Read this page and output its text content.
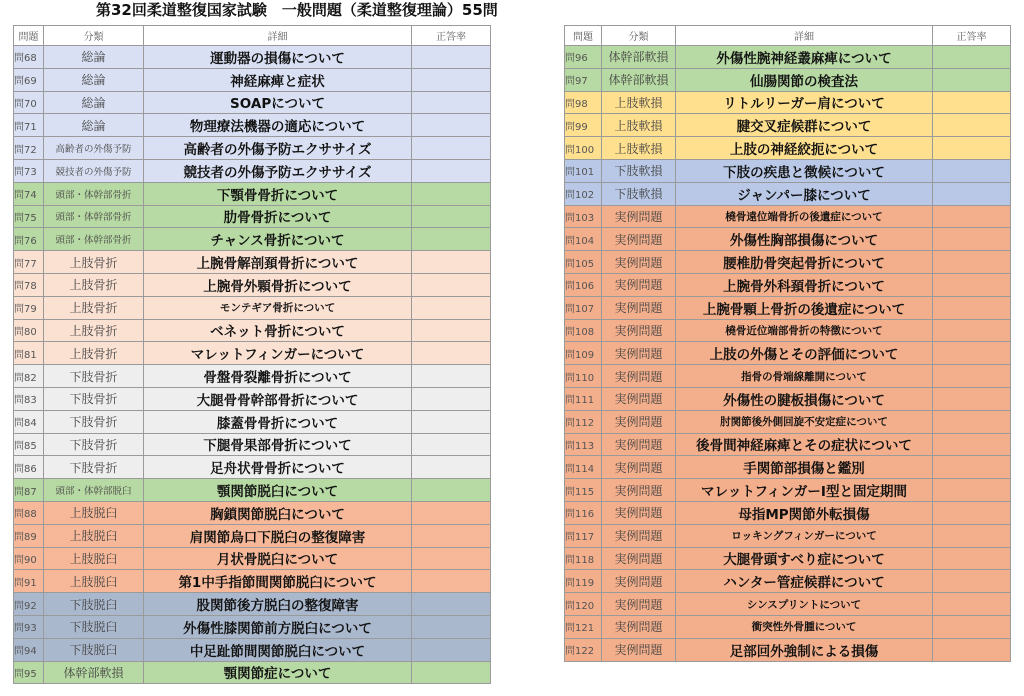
第32回柔道整復国家試験　一般問題（柔道整復理論）55問
問題	分類	詳細	正答率
問68	総論	運動器の損傷について	
問69	総論	神経麻痺と症状	
問70	総論	SOAPについて	
問71	総論	物理療法機器の適応について	
問72	高齢者の外傷予防	高齢者の外傷予防エクササイズ	
問73	競技者の外傷予防	競技者の外傷予防エクササイズ	
問74	頭部・体幹部骨折	下顎骨骨折について	
問75	頭部・体幹部骨折	肋骨骨折について	
問76	頭部・体幹部骨折	チャンス骨折について	
問77	上肢骨折	上腕骨解剖頚骨折について	
問78	上肢骨折	上腕骨外顆骨折について	
問79	上肢骨折	モンテギア骨折について	
問80	上肢骨折	ベネット骨折について	
問81	上肢骨折	マレットフィンガーについて	
問82	下肢骨折	骨盤骨裂離骨折について	
問83	下肢骨折	大腿骨骨幹部骨折について	
問84	下肢骨折	膝蓋骨骨折について	
問85	下肢骨折	下腿骨果部骨折について	
問86	下肢骨折	足舟状骨骨折について	
問87	頭部・体幹部脱臼	顎関節脱臼について	
問88	上肢脱臼	胸鎖関節脱臼について	
問89	上肢脱臼	肩関節烏口下脱臼の整復障害	
問90	上肢脱臼	月状骨脱臼について	
問91	上肢脱臼	第1中手指節間関節脱臼について	
問92	下肢脱臼	股関節後方脱臼の整復障害	
問93	下肢脱臼	外傷性膝関節前方脱臼について	
問94	下肢脱臼	中足趾節間関節脱臼について	
問95	体幹部軟損	顎関節症について	
問題	分類	詳細	正答率
問96	体幹部軟損	外傷性腕神経叢麻痺について	
問97	体幹部軟損	仙腸関節の検査法	
問98	上肢軟損	リトルリーガー肩について	
問99	上肢軟損	腱交叉症候群について	
問100	上肢軟損	上肢の神経絞扼について	
問101	下肢軟損	下肢の疾患と徴候について	
問102	下肢軟損	ジャンパー膝について	
問103	実例問題	橈骨遠位端骨折の後遺症について	
問104	実例問題	外傷性胸部損傷について	
問105	実例問題	腰椎肋骨突起骨折について	
問106	実例問題	上腕骨外科頚骨折について	
問107	実例問題	上腕骨顆上骨折の後遺症について	
問108	実例問題	橈骨近位端部骨折の特徴について	
問109	実例問題	上肢の外傷とその評価について	
問110	実例問題	指骨の骨端線離開について	
問111	実例問題	外傷性の腱板損傷について	
問112	実例問題	肘関節後外側回旋不安定症について	
問113	実例問題	後骨間神経麻痺とその症状について	
問114	実例問題	手関節部損傷と鑑別	
問115	実例問題	マレットフィンガーⅠ型と固定期間	
問116	実例問題	母指MP関節外転損傷	
問117	実例問題	ロッキングフィンガーについて	
問118	実例問題	大腿骨頭すべり症について	
問119	実例問題	ハンター管症候群について	
問120	実例問題	シンスプリントについて	
問121	実例問題	衝突性外骨腫について	
問122	実例問題	足部回外強制による損傷	
